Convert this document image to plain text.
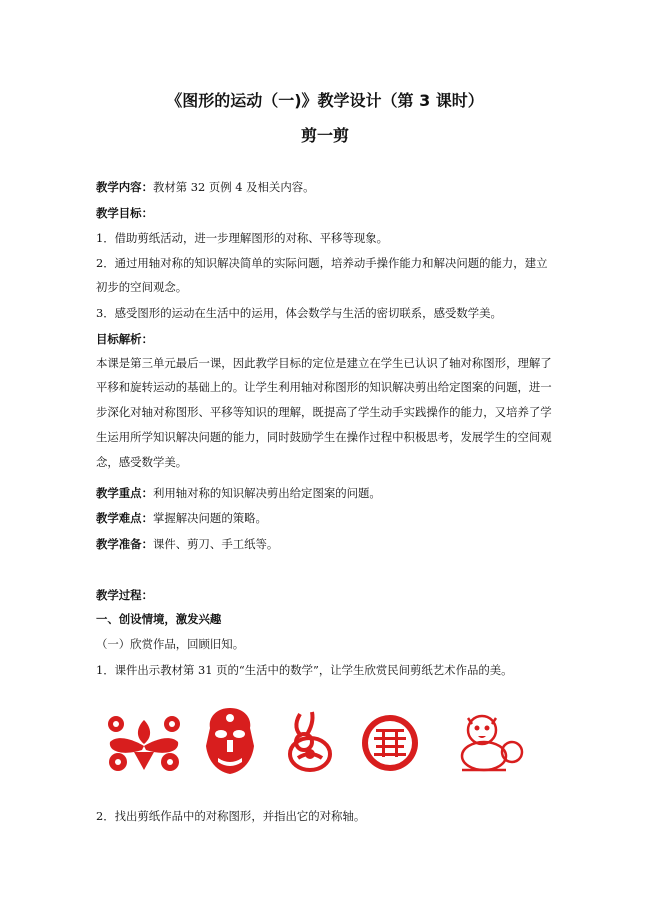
《图形的运动（一)》教学设计（第 3 课时）
剪一剪
教学内容：教材第 32 页例 4 及相关内容。
教学目标：
1．借助剪纸活动，进一步理解图形的对称、平移等现象。
2．通过用轴对称的知识解决简单的实际问题，培养动手操作能力和解决问题的能力，建立
初步的空间观念。
3．感受图形的运动在生活中的运用，体会数学与生活的密切联系，感受数学美。
目标解析：
本课是第三单元最后一课，因此教学目标的定位是建立在学生已认识了轴对称图形，理解了
平移和旋转运动的基础上的。让学生利用轴对称图形的知识解决剪出给定图案的问题，进一
步深化对轴对称图形、平移等知识的理解，既提高了学生动手实践操作的能力，又培养了学
生运用所学知识解决问题的能力，同时鼓励学生在操作过程中积极思考，发展学生的空间观
念，感受数学美。
教学重点：利用轴对称的知识解决剪出给定图案的问题。
教学难点：掌握解决问题的策略。
教学准备：课件、剪刀、手工纸等。
教学过程：
一、创设情境，激发兴趣
（一）欣赏作品，回顾旧知。
1．课件出示教材第 31 页的“生活中的数学”，让学生欣赏民间剪纸艺术作品的美。
2．找出剪纸作品中的对称图形，并指出它的对称轴。
